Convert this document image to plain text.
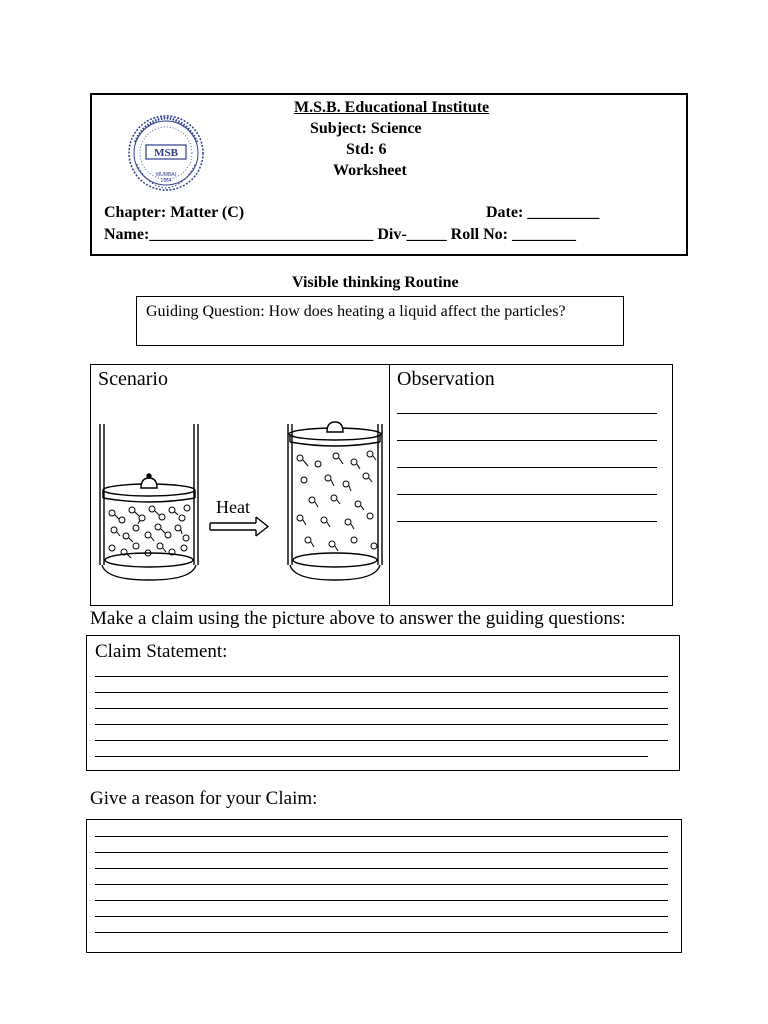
MSB
MUMBAI
1964
M.S.B. Educational Institute
Subject: Science
Std: 6
Worksheet
Chapter: Matter (C)	Date: _________
Name:____________________________ Div-_____ Roll No: ________
Visible thinking Routine
Guiding Question: How does heating a liquid affect the particles?
Scenario	Observation
Heat
Make a claim using the picture above to answer the guiding questions:
Claim Statement:
Give a reason for your Claim:
